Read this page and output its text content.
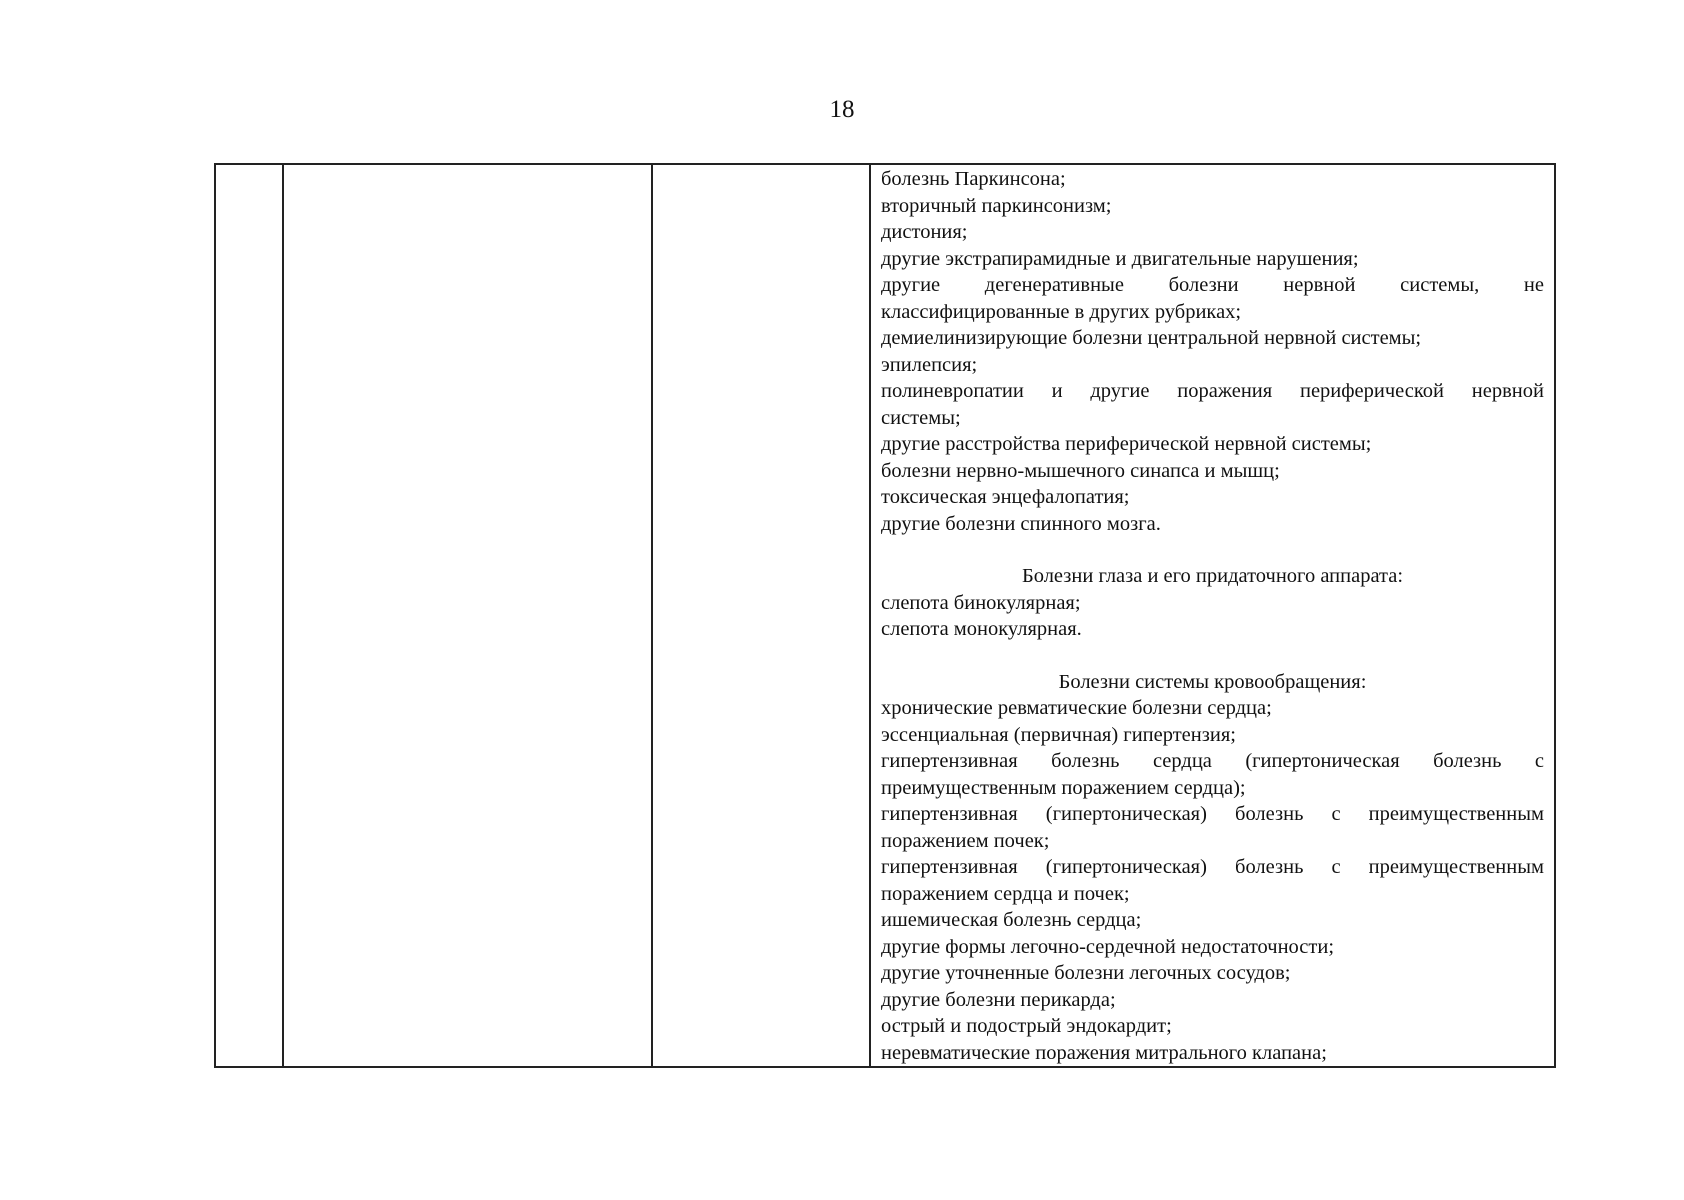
18

болезнь Паркинсона;
вторичный паркинсонизм;
дистония;
другие экстрапирамидные и двигательные нарушения;
другие дегенеративные болезни нервной системы, не
классифицированные в других рубриках;
демиелинизирующие болезни центральной нервной системы;
эпилепсия;
полиневропатии и другие поражения периферической нервной
системы;
другие расстройства периферической нервной системы;
болезни нервно-мышечного синапса и мышц;
токсическая энцефалопатия;
другие болезни спинного мозга.
Болезни глаза и его придаточного аппарата:
слепота бинокулярная;
слепота монокулярная.
Болезни системы кровообращения:
хронические ревматические болезни сердца;
эссенциальная (первичная) гипертензия;
гипертензивная болезнь сердца (гипертоническая болезнь с
преимущественным поражением сердца);
гипертензивная (гипертоническая) болезнь с преимущественным
поражением почек;
гипертензивная (гипертоническая) болезнь с преимущественным
поражением сердца и почек;
ишемическая болезнь сердца;
другие формы легочно-сердечной недостаточности;
другие уточненные болезни легочных сосудов;
другие болезни перикарда;
острый и подострый эндокардит;
неревматические поражения митрального клапана;
